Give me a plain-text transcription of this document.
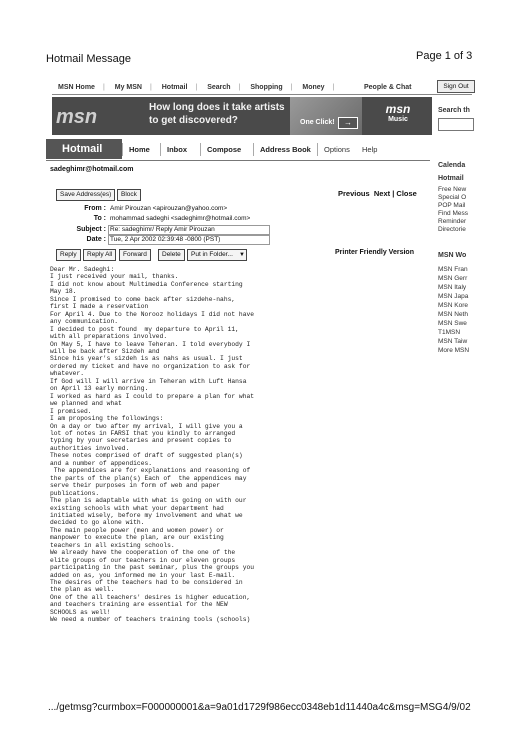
Hotmail Message	Page 1 of 3
MSN Home | My MSN | Hotmail | Search | Shopping | Money |	People & Chat	Sign Out
msn	How long does it take artists to get discovered?	One Click!	→
msn
Music
Search th
Hotmail	Home	Inbox	Compose	Address Book	Options Help
sadeghimr@hotmail.com
Calenda
Hotmail
Free New
Special O
POP Mail
Find Mess
Reminder
Directorie
MSN Wo
MSN Fran
MSN Gerr
MSN Italy
MSN Japa
MSN Kore
MSN Neth
MSN Swe
T1MSN
MSN Taiw
More MSN
Save Address(es)	Block	Previous Next | Close
From : Amir Pirouzan <apirouzan@yahoo.com>
To : mohammad sadeghi <sadeghimr@hotmail.com>
Subject : Re: sadeghimr/ Reply Amir Pirouzan
Date : Tue, 2 Apr 2002 02:39:48 -0800 (PST)
Reply	Reply All	Forward	Delete	Put in Folder... ▼	Printer Friendly Version
Dear Mr. Sadeghi:
I just received your mail, thanks.
I did not know about Multimedia Conference starting
May 18.
Since I promised to come back after sizdehe-nahs,
first I made a reservation
For April 4. Due to the Norooz holidays I did not have
any communication.
I decided to post found  my departure to April 11,
with all preparations involved.
On May 5, I have to leave Teheran. I told everybody I
will be back after Sizdeh and
Since his year's sizdeh is as nahs as usual. I just
ordered my ticket and have no organization to ask for
whatever.
If God will I will arrive in Teheran with Luft Hansa
on April 13 early morning.
I worked as hard as I could to prepare a plan for what
we planned and what
I promised.
I am proposing the followings:
On a day or two after my arrival, I will give you a
lot of notes in FARSI that you kindly to arranged
typing by your secretaries and present copies to
authorities involved.
These notes comprised of draft of suggested plan(s)
and a number of appendices.
The appendices are for explanations and reasoning of
the parts of the plan(s) Each of  the appendices may
serve their purposes in form of web and paper
publications.
The plan is adaptable with what is going on with our
existing schools with what your department had
initiated wisely, before my involvement and what we
decided to go alone with.
The main people power (men and women power) or
manpower to execute the plan, are our existing
teachers in all existing schools.
We already have the cooperation of the one of the
elite groups of our teachers in our eleven groups
participating in the past seminar, plus the groups you
added on as, you informed me in your last E-mail.
The desires of the teachers had to be considered in
the plan as well.
One of the all teachers' desires is higher education,
and teachers training are essential for the NEW
SCHOOLS as well!
We need a number of teachers training tools (schools)
.../getmsg?curmbox=F000000001&a=9a01d1729f986ecc0348eb1d11440a4c&msg=MSG4/9/02
